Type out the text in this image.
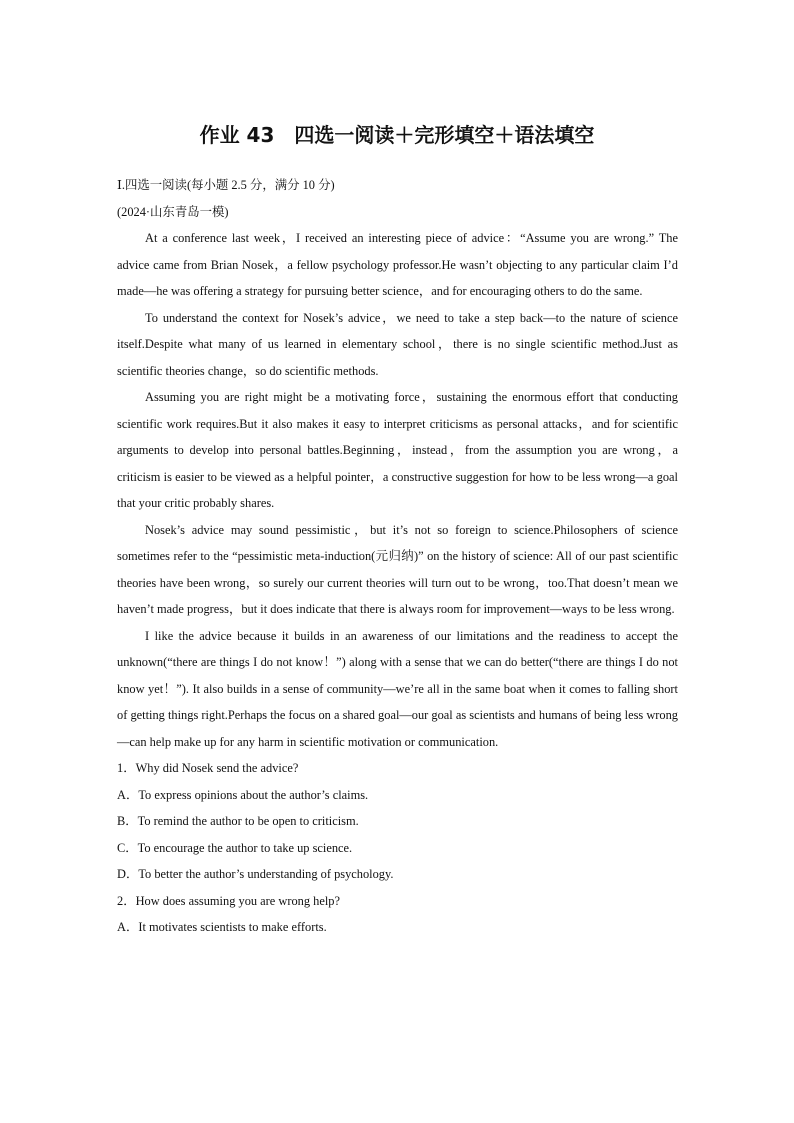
作业 43　四选一阅读＋完形填空＋语法填空

Ⅰ.四选一阅读(每小题 2.5 分，满分 10 分)

(2024·山东青岛一模)

At a conference last week，I received an interesting piece of advice：“Assume you are wrong.” The advice came from Brian Nosek，a fellow psychology professor.He wasn’t objecting to any particular claim I’d made—he was offering a strategy for pursuing better science，and for encouraging others to do the same.

To understand the context for Nosek’s advice，we need to take a step back—to the nature of science itself.Despite what many of us learned in elementary school，there is no single scientific method.Just as scientific theories change，so do scientific methods.

Assuming you are right might be a motivating force，sustaining the enormous effort that conducting scientific work requires.But it also makes it easy to interpret criticisms as personal attacks，and for scientific arguments to develop into personal battles.Beginning，instead，from the assumption you are wrong，a criticism is easier to be viewed as a helpful pointer，a constructive suggestion for how to be less wrong—a goal that your critic probably shares.

Nosek’s advice may sound pessimistic，but it’s not so foreign to science.Philosophers of science sometimes refer to the “pessimistic meta-induction(元归纳)” on the history of science: All of our past scientific theories have been wrong，so surely our current theories will turn out to be wrong，too.That doesn’t mean we haven’t made progress，but it does indicate that there is always room for improvement—ways to be less wrong.

I like the advice because it builds in an awareness of our limitations and the readiness to accept the unknown(“there are things I do not know！”) along with a sense that we can do better(“there are things I do not know yet！”). It also builds in a sense of community—we’re all in the same boat when it comes to falling short of getting things right.Perhaps the focus on a shared goal—our goal as scientists and humans of being less wrong—can help make up for any harm in scientific motivation or communication.

1．Why did Nosek send the advice?

A．To express opinions about the author’s claims.

B．To remind the author to be open to criticism.

C．To encourage the author to take up science.

D．To better the author’s understanding of psychology.

2．How does assuming you are wrong help?

A．It motivates scientists to make efforts.
